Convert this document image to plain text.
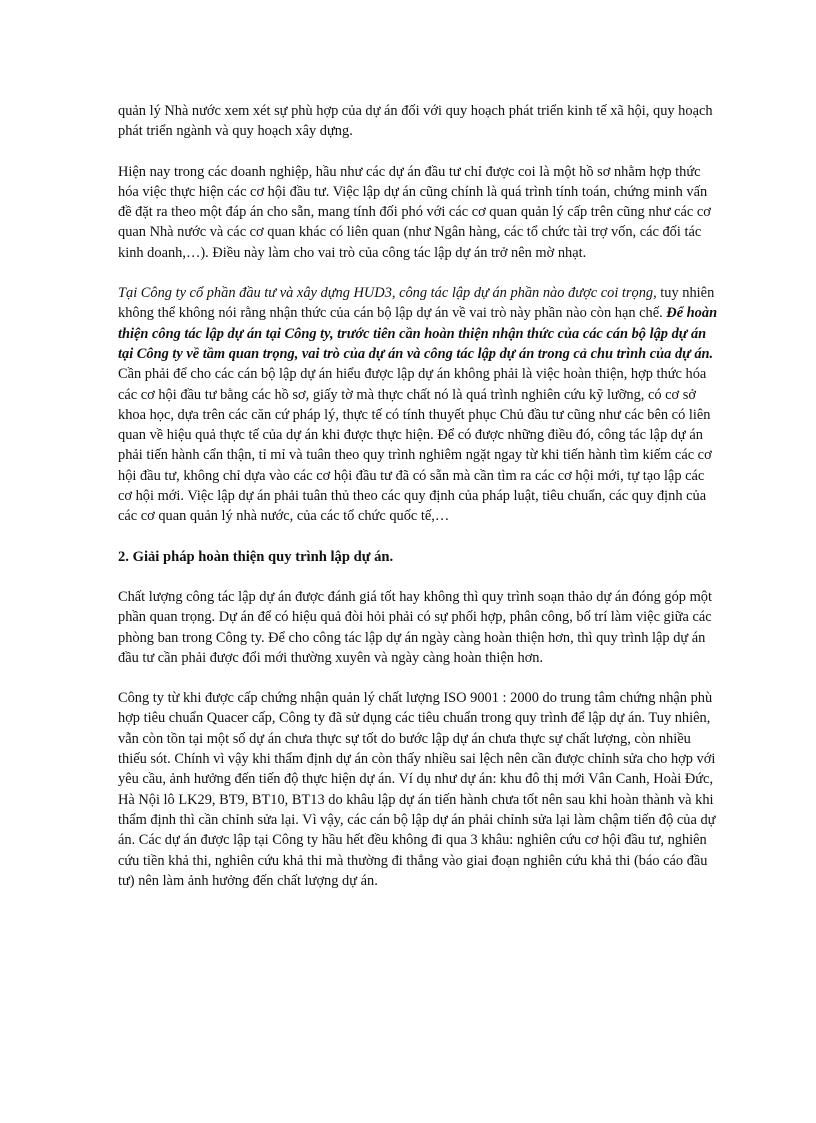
quản lý Nhà nước xem xét sự phù hợp của dự án đối với quy hoạch phát triển kinh tế xã hội, quy hoạch phát triển ngành và quy hoạch xây dựng.

Hiện nay trong các doanh nghiệp, hầu như các dự án đầu tư chỉ được coi là một hồ sơ nhằm hợp thức hóa việc thực hiện các cơ hội đầu tư. Việc lập dự án cũng chính là quá trình tính toán, chứng minh vấn đề đặt ra theo một đáp án cho sẵn, mang tính đối phó với các cơ quan quản lý cấp trên cũng như các cơ quan Nhà nước và các cơ quan khác có liên quan (như Ngân hàng, các tổ chức tài trợ vốn, các đối tác kinh doanh,…). Điều này làm cho vai trò của công tác lập dự án trở nên mờ nhạt.

Tại Công ty cổ phần đầu tư và xây dựng HUD3, công tác lập dự án phần nào được coi trọng, tuy nhiên không thể không nói rằng nhận thức của cán bộ lập dự án về vai trò này phần nào còn hạn chế. Để hoàn thiện công tác lập dự án tại Công ty, trước tiên cần hoàn thiện nhận thức của các cán bộ lập dự án tại Công ty về tầm quan trọng, vai trò của dự án và công tác lập dự án trong cả chu trình của dự án. Cần phải để cho các cán bộ lập dự án hiểu được lập dự án không phải là việc hoàn thiện, hợp thức hóa các cơ hội đầu tư bằng các hồ sơ, giấy tờ mà thực chất nó là quá trình nghiên cứu kỹ lưỡng, có cơ sở khoa học, dựa trên các căn cứ pháp lý, thực tế có tính thuyết phục Chủ đầu tư cũng như các bên có liên quan về hiệu quả thực tế của dự án khi được thực hiện. Để có được những điều đó, công tác lập dự án phải tiến hành cẩn thận, tỉ mỉ và tuân theo quy trình nghiêm ngặt ngay từ khi tiến hành tìm kiếm các cơ hội đầu tư, không chỉ dựa vào các cơ hội đầu tư đã có sẵn mà cần tìm ra các cơ hội mới, tự tạo lập các cơ hội mới. Việc lập dự án phải tuân thủ theo các quy định của pháp luật, tiêu chuẩn, các quy định của các cơ quan quản lý nhà nước, của các tổ chức quốc tế,…

2. Giải pháp hoàn thiện quy trình lập dự án.

Chất lượng công tác lập dự án được đánh giá tốt hay không thì quy trình soạn thảo dự án đóng góp một phần quan trọng. Dự án để có hiệu quả đòi hỏi phải có sự phối hợp, phân công, bố trí làm việc giữa các phòng ban trong Công ty. Để cho công tác lập dự án ngày càng hoàn thiện hơn, thì quy trình lập dự án đầu tư cần phải được đổi mới thường xuyên và ngày càng hoàn thiện hơn.

Công ty từ khi được cấp chứng nhận quản lý chất lượng ISO 9001 : 2000 do trung tâm chứng nhận phù hợp tiêu chuẩn Quacer cấp, Công ty đã sử dụng các tiêu chuẩn trong quy trình để lập dự án. Tuy nhiên, vẫn còn tồn tại một số dự án chưa thực sự tốt do bước lập dự án chưa thực sự chất lượng, còn nhiều thiếu sót. Chính vì vậy khi thẩm định dự án còn thấy nhiều sai lệch nên cần được chỉnh sửa cho hợp với yêu cầu, ảnh hưởng đến tiến độ thực hiện dự án. Ví dụ như dự án: khu đô thị mới Vân Canh, Hoài Đức, Hà Nội lô LK29, BT9, BT10, BT13 do khâu lập dự án tiến hành chưa tốt nên sau khi hoàn thành và khi thẩm định thì cần chỉnh sửa lại. Vì vậy, các cán bộ lập dự án phải chỉnh sửa lại làm chậm tiến độ của dự án. Các dự án được lập tại Công ty hầu hết đều không đi qua 3 khâu: nghiên cứu cơ hội đầu tư, nghiên cứu tiền khả thi, nghiên cứu khả thi mà thường đi thẳng vào giai đoạn nghiên cứu khả thi (báo cáo đầu tư) nên làm ảnh hưởng đến chất lượng dự án.
